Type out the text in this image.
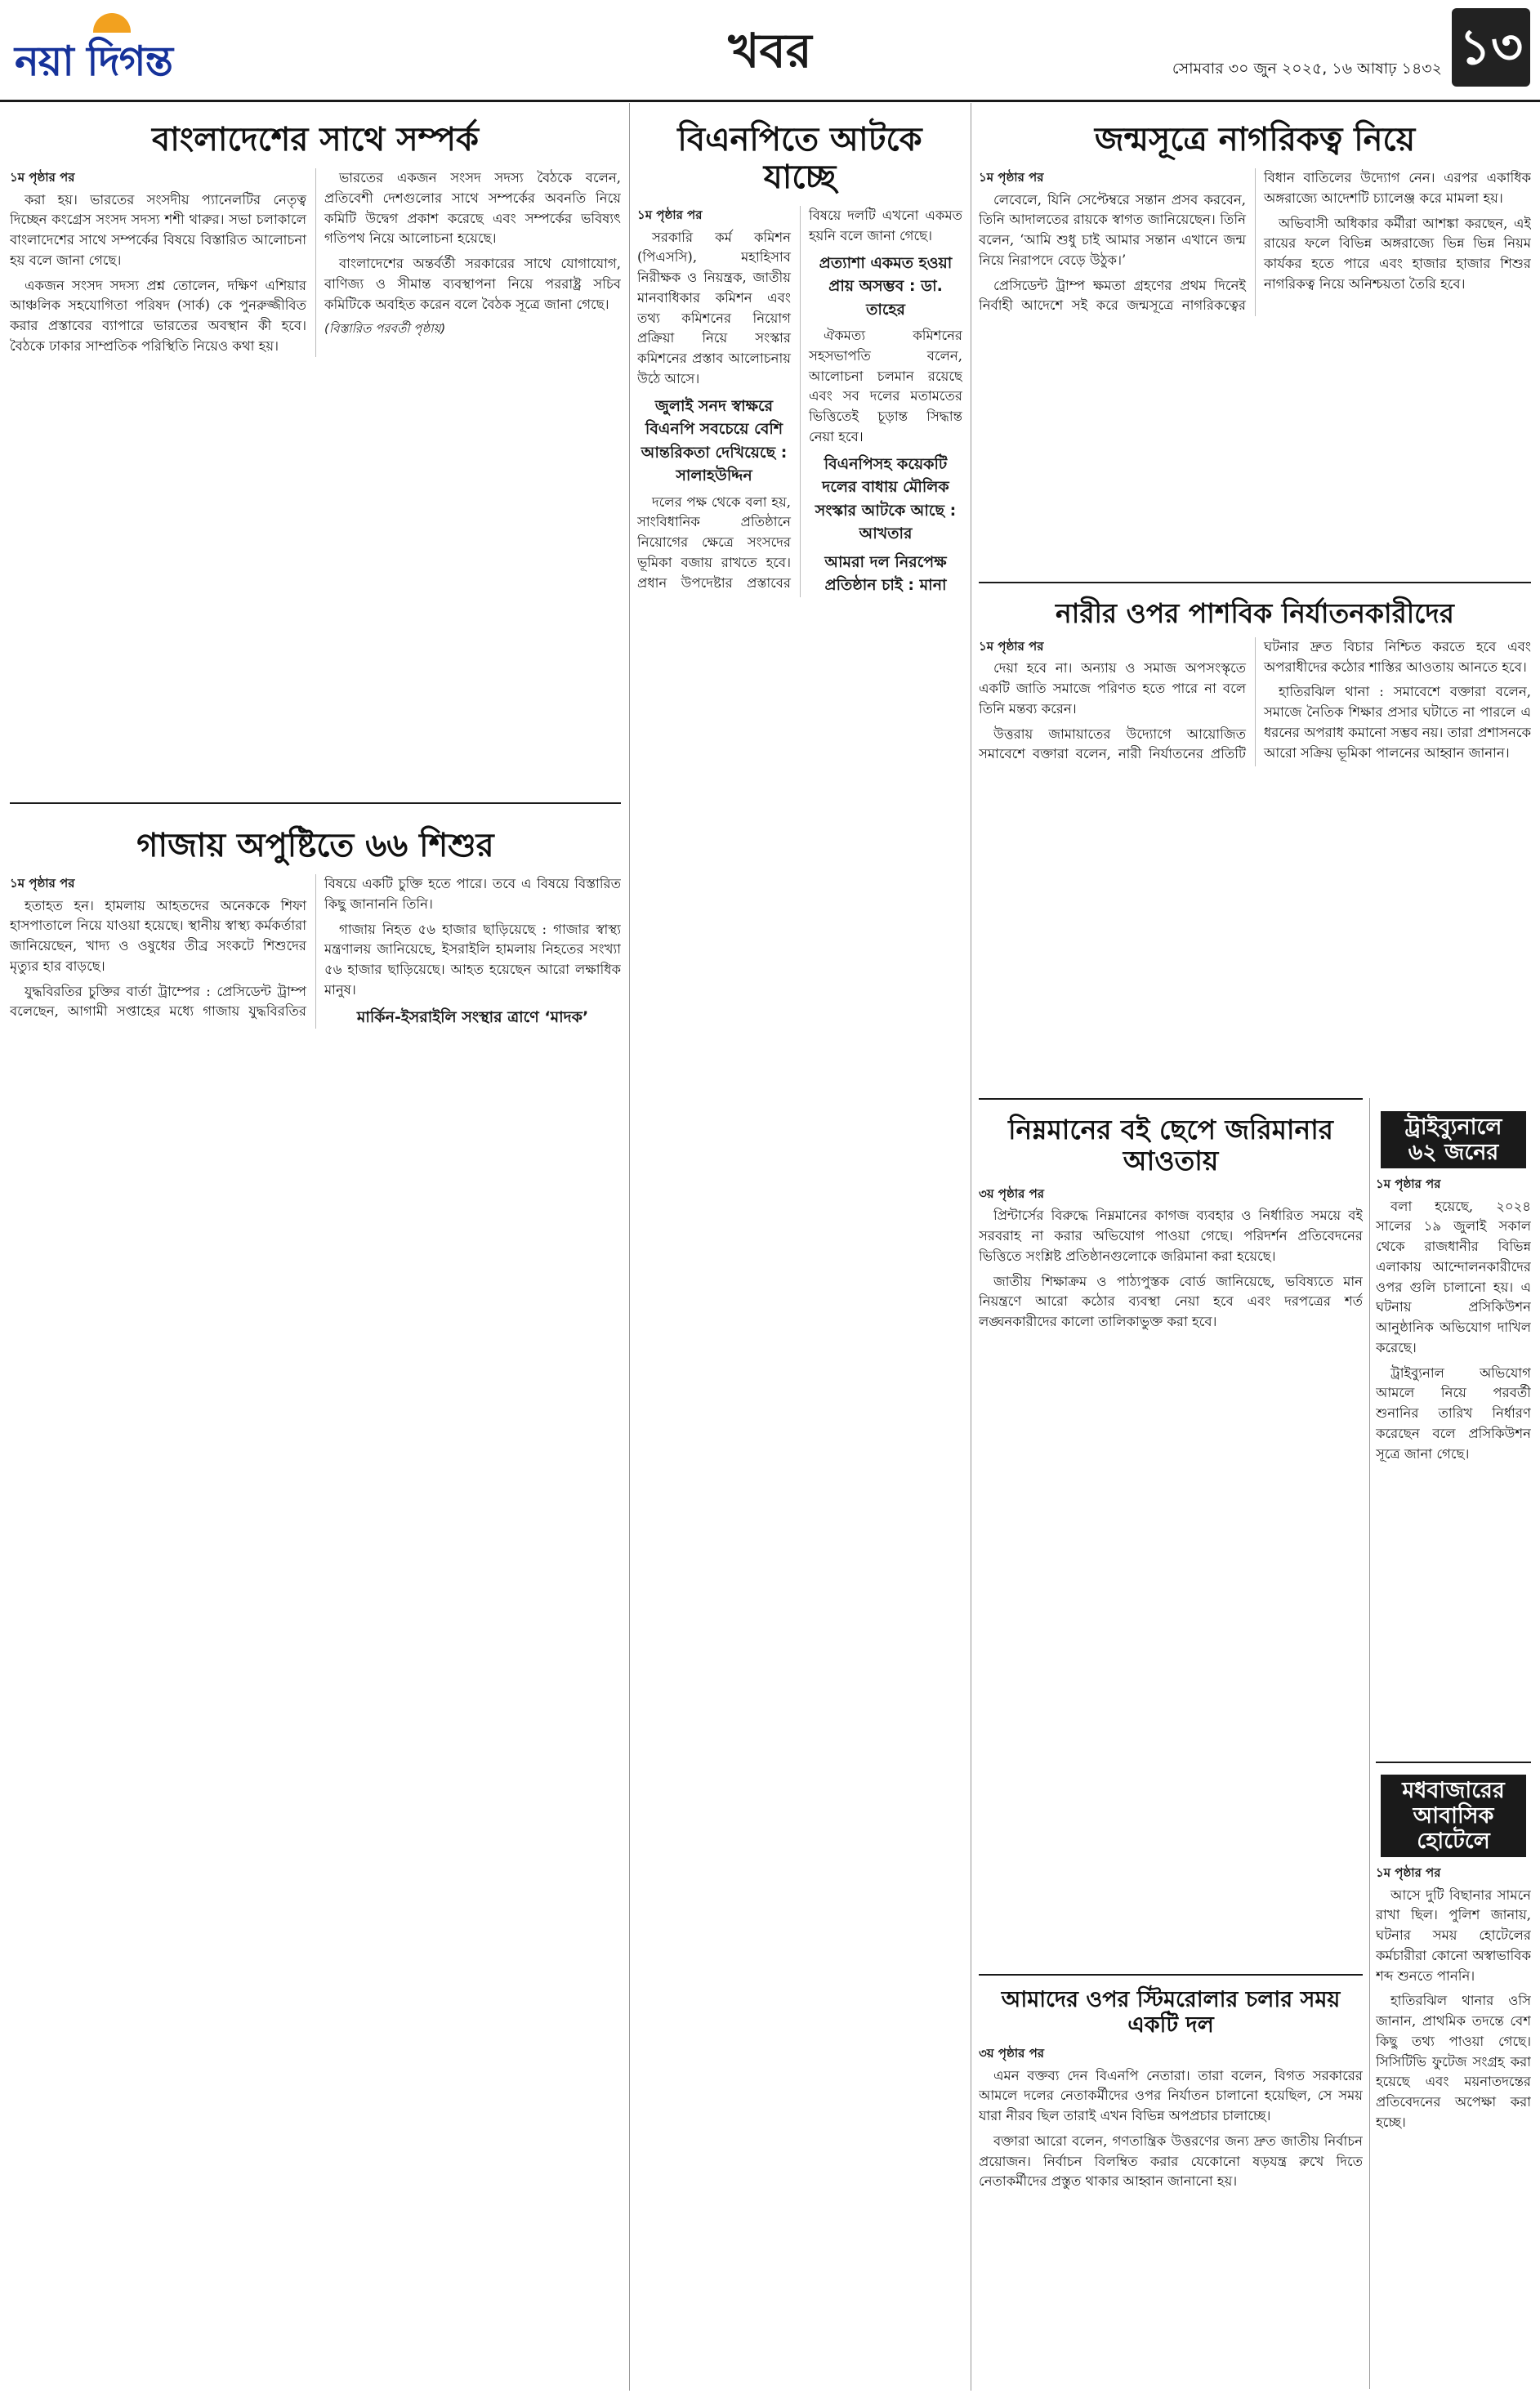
নয়া দিগন্ত	খবর	সোমবার ৩০ জুন ২০২৫, ১৬ আষাঢ় ১৪৩২ ১৩
বাংলাদেশের সাথে সম্পর্ক
১ম পৃষ্ঠার পর

করা হয়। ভারতের সংসদীয় প্যানেলটির নেতৃত্ব দিচ্ছেন কংগ্রেস সংসদ সদস্য শশী থারুর। সভা চলাকালে বাংলাদেশের সাথে সম্পর্কের বিষয়ে বিস্তারিত আলোচনা হয় বলে জানা গেছে।

একজন সংসদ সদস্য প্রশ্ন তোলেন, দক্ষিণ এশিয়ার আঞ্চলিক সহযোগিতা পরিষদ (সার্ক) কে পুনরুজ্জীবিত করার প্রস্তাবের ব্যাপারে ভারতের অবস্থান কী হবে। বৈঠকে ঢাকার সাম্প্রতিক পরিস্থিতি নিয়েও কথা হয়।

ভারতের একজন সংসদ সদস্য বৈঠকে বলেন, প্রতিবেশী দেশগুলোর সাথে সম্পর্কের অবনতি নিয়ে কমিটি উদ্বেগ প্রকাশ করেছে এবং সম্পর্কের ভবিষ্যৎ গতিপথ নিয়ে আলোচনা হয়েছে।

বাংলাদেশের অন্তর্বর্তী সরকারের সাথে যোগাযোগ, বাণিজ্য ও সীমান্ত ব্যবস্থাপনা নিয়ে পররাষ্ট্র সচিব কমিটিকে অবহিত করেন বলে বৈঠক সূত্রে জানা গেছে।

(বিস্তারিত পরবর্তী পৃষ্ঠায়)
গাজায় অপুষ্টিতে ৬৬ শিশুর
১ম পৃষ্ঠার পর

হতাহত হন। হামলায় আহতদের অনেককে শিফা হাসপাতালে নিয়ে যাওয়া হয়েছে। স্থানীয় স্বাস্থ্য কর্মকর্তারা জানিয়েছেন, খাদ্য ও ওষুধের তীব্র সংকটে শিশুদের মৃত্যুর হার বাড়ছে।

যুদ্ধবিরতির চুক্তির বার্তা ট্রাম্পের : প্রেসিডেন্ট ট্রাম্প বলেছেন, আগামী সপ্তাহের মধ্যে গাজায় যুদ্ধবিরতির বিষয়ে একটি চুক্তি হতে পারে। তবে এ বিষয়ে বিস্তারিত কিছু জানাননি তিনি।

গাজায় নিহত ৫৬ হাজার ছাড়িয়েছে : গাজার স্বাস্থ্য মন্ত্রণালয় জানিয়েছে, ইসরাইলি হামলায় নিহতের সংখ্যা ৫৬ হাজার ছাড়িয়েছে। আহত হয়েছেন আরো লক্ষাধিক মানুষ।

মার্কিন-ইসরাইলি সংস্থার ত্রাণে ‘মাদক’
বিএনপিতে আটকে যাচ্ছে
১ম পৃষ্ঠার পর

সরকারি কর্ম কমিশন (পিএসসি), মহাহিসাব নিরীক্ষক ও নিয়ন্ত্রক, জাতীয় মানবাধিকার কমিশন এবং তথ্য কমিশনের নিয়োগ প্রক্রিয়া নিয়ে সংস্কার কমিশনের প্রস্তাব আলোচনায় উঠে আসে।

জুলাই সনদ স্বাক্ষরে বিএনপি সবচেয়ে বেশি আন্তরিকতা দেখিয়েছে : সালাহউদ্দিন

দলের পক্ষ থেকে বলা হয়, সাংবিধানিক প্রতিষ্ঠানে নিয়োগের ক্ষেত্রে সংসদের ভূমিকা বজায় রাখতে হবে। প্রধান উপদেষ্টার প্রস্তাবের বিষয়ে দলটি এখনো একমত হয়নি বলে জানা গেছে।

প্রত্যাশা একমত হওয়া প্রায় অসম্ভব : ডা. তাহের

ঐকমত্য কমিশনের সহসভাপতি বলেন, আলোচনা চলমান রয়েছে এবং সব দলের মতামতের ভিত্তিতেই চূড়ান্ত সিদ্ধান্ত নেয়া হবে।

বিএনপিসহ কয়েকটি দলের বাধায় মৌলিক সংস্কার আটকে আছে : আখতার
আমরা দল নিরপেক্ষ প্রতিষ্ঠান চাই : মানা
জন্মসূত্রে নাগরিকত্ব নিয়ে
১ম পৃষ্ঠার পর

লেবেলে, যিনি সেপ্টেম্বরে সন্তান প্রসব করবেন, তিনি আদালতের রায়কে স্বাগত জানিয়েছেন। তিনি বলেন, ‘আমি শুধু চাই আমার সন্তান এখানে জন্ম নিয়ে নিরাপদে বেড়ে উঠুক।’

প্রেসিডেন্ট ট্রাম্প ক্ষমতা গ্রহণের প্রথম দিনেই নির্বাহী আদেশে সই করে জন্মসূত্রে নাগরিকত্বের বিধান বাতিলের উদ্যোগ নেন। এরপর একাধিক অঙ্গরাজ্যে আদেশটি চ্যালেঞ্জ করে মামলা হয়।

অভিবাসী অধিকার কর্মীরা আশঙ্কা করছেন, এই রায়ের ফলে বিভিন্ন অঙ্গরাজ্যে ভিন্ন ভিন্ন নিয়ম কার্যকর হতে পারে এবং হাজার হাজার শিশুর নাগরিকত্ব নিয়ে অনিশ্চয়তা তৈরি হবে।

নারীর ওপর পাশবিক নির্যাতনকারীদের
১ম পৃষ্ঠার পর

দেয়া হবে না। অন্যায় ও সমাজ অপসংস্কৃতে একটি জাতি সমাজে পরিণত হতে পারে না বলে তিনি মন্তব্য করেন।

উত্তরায় জামায়াতের উদ্যোগে আয়োজিত সমাবেশে বক্তারা বলেন, নারী নির্যাতনের প্রতিটি ঘটনার দ্রুত বিচার নিশ্চিত করতে হবে এবং অপরাধীদের কঠোর শাস্তির আওতায় আনতে হবে।

হাতিরঝিল থানা : সমাবেশে বক্তারা বলেন, সমাজে নৈতিক শিক্ষার প্রসার ঘটাতে না পারলে এ ধরনের অপরাধ কমানো সম্ভব নয়। তারা প্রশাসনকে আরো সক্রিয় ভূমিকা পালনের আহ্বান জানান।

নিম্নমানের বই ছেপে জরিমানার আওতায়
৩য় পৃষ্ঠার পর

প্রিন্টার্সের বিরুদ্ধে নিম্নমানের কাগজ ব্যবহার ও নির্ধারিত সময়ে বই সরবরাহ না করার অভিযোগ পাওয়া গেছে। পরিদর্শন প্রতিবেদনের ভিত্তিতে সংশ্লিষ্ট প্রতিষ্ঠানগুলোকে জরিমানা করা হয়েছে।

জাতীয় শিক্ষাক্রম ও পাঠ্যপুস্তক বোর্ড জানিয়েছে, ভবিষ্যতে মান নিয়ন্ত্রণে আরো কঠোর ব্যবস্থা নেয়া হবে এবং দরপত্রের শর্ত লঙ্ঘনকারীদের কালো তালিকাভুক্ত করা হবে।

ট্রাইব্যুনালে ৬২ জনের
১ম পৃষ্ঠার পর

বলা হয়েছে, ২০২৪ সালের ১৯ জুলাই সকাল থেকে রাজধানীর বিভিন্ন এলাকায় আন্দোলনকারীদের ওপর গুলি চালানো হয়। এ ঘটনায় প্রসিকিউশন আনুষ্ঠানিক অভিযোগ দাখিল করেছে।

ট্রাইব্যুনাল অভিযোগ আমলে নিয়ে পরবর্তী শুনানির তারিখ নির্ধারণ করেছেন বলে প্রসিকিউশন সূত্রে জানা গেছে।

মধবাজারের আবাসিক হোটেলে
১ম পৃষ্ঠার পর

আসে দুটি বিছানার সামনে রাখা ছিল। পুলিশ জানায়, ঘটনার সময় হোটেলের কর্মচারীরা কোনো অস্বাভাবিক শব্দ শুনতে পাননি।

হাতিরঝিল থানার ওসি জানান, প্রাথমিক তদন্তে বেশ কিছু তথ্য পাওয়া গেছে। সিসিটিভি ফুটেজ সংগ্রহ করা হয়েছে এবং ময়নাতদন্তের প্রতিবেদনের অপেক্ষা করা হচ্ছে।

আমাদের ওপর স্টিমরোলার চলার সময় একটি দল
৩য় পৃষ্ঠার পর

এমন বক্তব্য দেন বিএনপি নেতারা। তারা বলেন, বিগত সরকারের আমলে দলের নেতাকর্মীদের ওপর নির্যাতন চালানো হয়েছিল, সে সময় যারা নীরব ছিল তারাই এখন বিভিন্ন অপপ্রচার চালাচ্ছে।

বক্তারা আরো বলেন, গণতান্ত্রিক উত্তরণের জন্য দ্রুত জাতীয় নির্বাচন প্রয়োজন। নির্বাচন বিলম্বিত করার যেকোনো ষড়যন্ত্র রুখে দিতে নেতাকর্মীদের প্রস্তুত থাকার আহ্বান জানানো হয়।
